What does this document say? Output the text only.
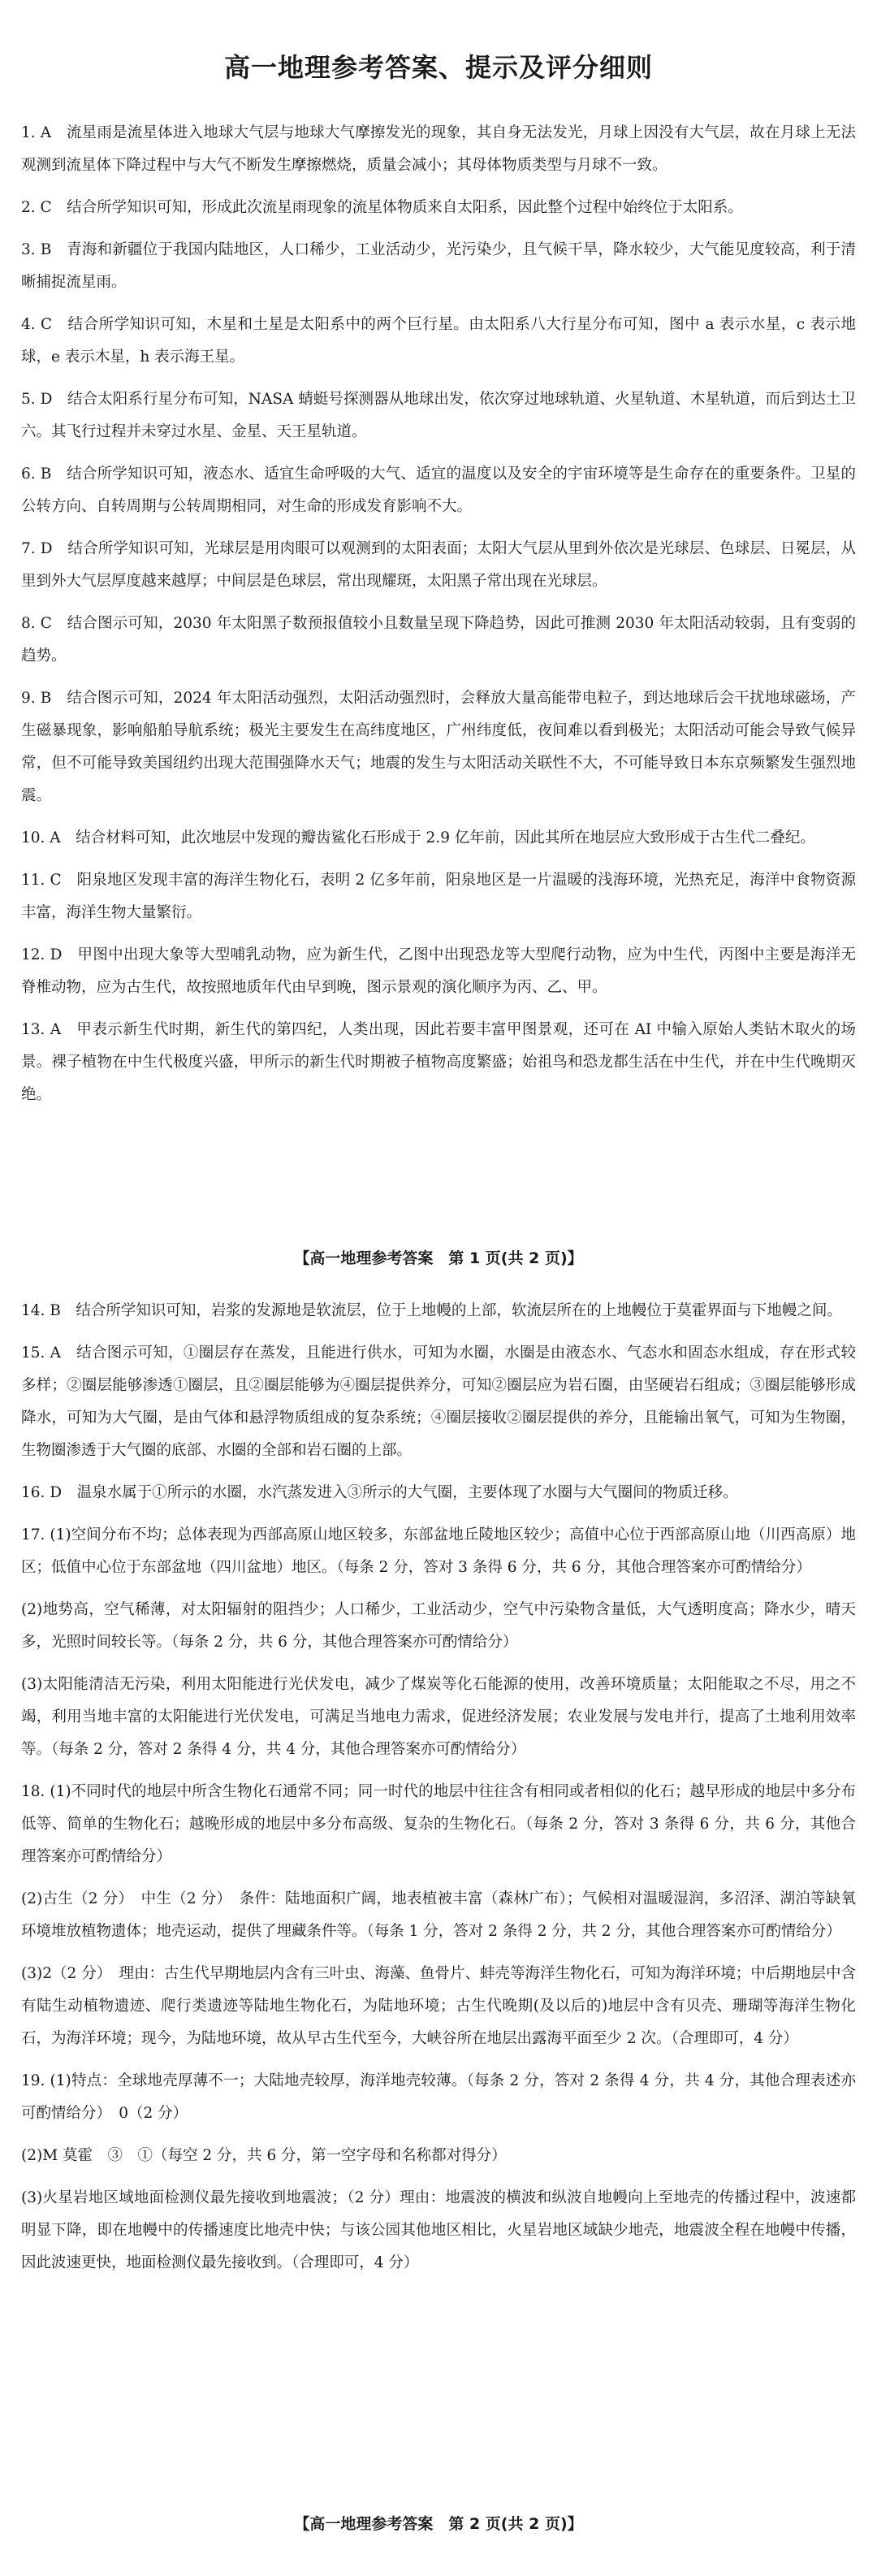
高一地理参考答案、提示及评分细则
1. A　流星雨是流星体进入地球大气层与地球大气摩擦发光的现象，其自身无法发光，月球上因没有大气层，故在月球上无法观测到流星体下降过程中与大气不断发生摩擦燃烧，质量会减小；其母体物质类型与月球不一致。
2. C　结合所学知识可知，形成此次流星雨现象的流星体物质来自太阳系，因此整个过程中始终位于太阳系。
3. B　青海和新疆位于我国内陆地区，人口稀少，工业活动少，光污染少，且气候干旱，降水较少，大气能见度较高，利于清晰捕捉流星雨。
4. C　结合所学知识可知，木星和土星是太阳系中的两个巨行星。由太阳系八大行星分布可知，图中 a 表示水星，c 表示地球，e 表示木星，h 表示海王星。
5. D　结合太阳系行星分布可知，NASA 蜻蜓号探测器从地球出发，依次穿过地球轨道、火星轨道、木星轨道，而后到达土卫六。其飞行过程并未穿过水星、金星、天王星轨道。
6. B　结合所学知识可知，液态水、适宜生命呼吸的大气、适宜的温度以及安全的宇宙环境等是生命存在的重要条件。卫星的公转方向、自转周期与公转周期相同，对生命的形成发育影响不大。
7. D　结合所学知识可知，光球层是用肉眼可以观测到的太阳表面；太阳大气层从里到外依次是光球层、色球层、日冕层，从里到外大气层厚度越来越厚；中间层是色球层，常出现耀斑，太阳黑子常出现在光球层。
8. C　结合图示可知，2030 年太阳黑子数预报值较小且数量呈现下降趋势，因此可推测 2030 年太阳活动较弱，且有变弱的趋势。
9. B　结合图示可知，2024 年太阳活动强烈，太阳活动强烈时，会释放大量高能带电粒子，到达地球后会干扰地球磁场，产生磁暴现象，影响船舶导航系统；极光主要发生在高纬度地区，广州纬度低，夜间难以看到极光；太阳活动可能会导致气候异常，但不可能导致美国纽约出现大范围强降水天气；地震的发生与太阳活动关联性不大，不可能导致日本东京频繁发生强烈地震。
10. A　结合材料可知，此次地层中发现的瓣齿鲨化石形成于 2.9 亿年前，因此其所在地层应大致形成于古生代二叠纪。
11. C　阳泉地区发现丰富的海洋生物化石，表明 2 亿多年前，阳泉地区是一片温暖的浅海环境，光热充足，海洋中食物资源丰富，海洋生物大量繁衍。
12. D　甲图中出现大象等大型哺乳动物，应为新生代，乙图中出现恐龙等大型爬行动物，应为中生代，丙图中主要是海洋无脊椎动物，应为古生代，故按照地质年代由早到晚，图示景观的演化顺序为丙、乙、甲。
13. A　甲表示新生代时期，新生代的第四纪，人类出现，因此若要丰富甲图景观，还可在 AI 中输入原始人类钻木取火的场景。裸子植物在中生代极度兴盛，甲所示的新生代时期被子植物高度繁盛；始祖鸟和恐龙都生活在中生代，并在中生代晚期灭绝。
【高一地理参考答案　第 1 页(共 2 页)】
14. B　结合所学知识可知，岩浆的发源地是软流层，位于上地幔的上部，软流层所在的上地幔位于莫霍界面与下地幔之间。
15. A　结合图示可知，①圈层存在蒸发，且能进行供水，可知为水圈，水圈是由液态水、气态水和固态水组成，存在形式较多样；②圈层能够渗透①圈层，且②圈层能够为④圈层提供养分，可知②圈层应为岩石圈，由坚硬岩石组成；③圈层能够形成降水，可知为大气圈，是由气体和悬浮物质组成的复杂系统；④圈层接收②圈层提供的养分，且能输出氧气，可知为生物圈，生物圈渗透于大气圈的底部、水圈的全部和岩石圈的上部。
16. D　温泉水属于①所示的水圈，水汽蒸发进入③所示的大气圈，主要体现了水圈与大气圈间的物质迁移。
17. (1)空间分布不均；总体表现为西部高原山地区较多，东部盆地丘陵地区较少；高值中心位于西部高原山地（川西高原）地区；低值中心位于东部盆地（四川盆地）地区。（每条 2 分，答对 3 条得 6 分，共 6 分，其他合理答案亦可酌情给分）
(2)地势高，空气稀薄，对太阳辐射的阻挡少；人口稀少，工业活动少，空气中污染物含量低，大气透明度高；降水少，晴天多，光照时间较长等。（每条 2 分，共 6 分，其他合理答案亦可酌情给分）
(3)太阳能清洁无污染，利用太阳能进行光伏发电，减少了煤炭等化石能源的使用，改善环境质量；太阳能取之不尽，用之不竭，利用当地丰富的太阳能进行光伏发电，可满足当地电力需求，促进经济发展；农业发展与发电并行，提高了土地利用效率等。（每条 2 分，答对 2 条得 4 分，共 4 分，其他合理答案亦可酌情给分）
18. (1)不同时代的地层中所含生物化石通常不同；同一时代的地层中往往含有相同或者相似的化石；越早形成的地层中多分布低等、简单的生物化石；越晚形成的地层中多分布高级、复杂的生物化石。（每条 2 分，答对 3 条得 6 分，共 6 分，其他合理答案亦可酌情给分）
(2)古生（2 分）　中生（2 分）　条件：陆地面积广阔，地表植被丰富（森林广布）；气候相对温暖湿润，多沼泽、湖泊等缺氧环境堆放植物遗体；地壳运动，提供了埋藏条件等。（每条 1 分，答对 2 条得 2 分，共 2 分，其他合理答案亦可酌情给分）
(3)2（2 分）　理由：古生代早期地层内含有三叶虫、海藻、鱼骨片、蚌壳等海洋生物化石，可知为海洋环境；中后期地层中含有陆生动植物遗迹、爬行类遗迹等陆地生物化石，为陆地环境；古生代晚期(及以后的)地层中含有贝壳、珊瑚等海洋生物化石，为海洋环境；现今，为陆地环境，故从早古生代至今，大峡谷所在地层出露海平面至少 2 次。（合理即可，4 分）
19. (1)特点：全球地壳厚薄不一；大陆地壳较厚，海洋地壳较薄。（每条 2 分，答对 2 条得 4 分，共 4 分，其他合理表述亦可酌情给分）　0（2 分）
(2)M 莫霍　③　①（每空 2 分，共 6 分，第一空字母和名称都对得分）
(3)火星岩地区域地面检测仪最先接收到地震波；（2 分）理由：地震波的横波和纵波自地幔向上至地壳的传播过程中，波速都明显下降，即在地幔中的传播速度比地壳中快；与该公园其他地区相比，火星岩地区域缺少地壳，地震波全程在地幔中传播，因此波速更快，地面检测仪最先接收到。（合理即可，4 分）
【高一地理参考答案　第 2 页(共 2 页)】
